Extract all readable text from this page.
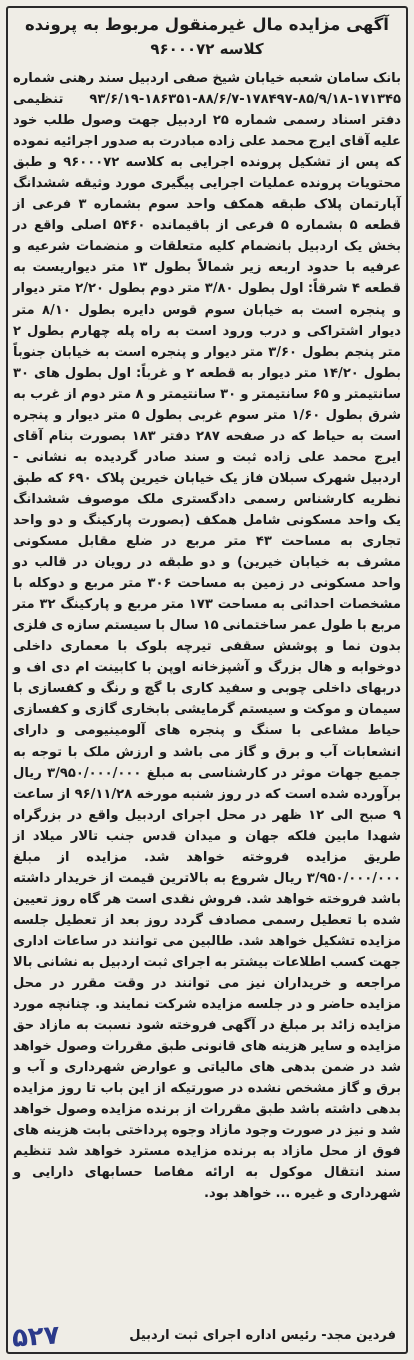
آگهی مزایده مال غیرمنقول مربوط به پرونده
کلاسه ۹۶۰۰۰۷۲
بانک سامان شعبه خیابان شیخ صفی اردبیل سند رهنی شماره ۱۷۱۳۴۵-۸۵/۹/۱۸-۱۷۸۴۹۷-۸۸/۶/۷-۱۸۶۳۵۱-۹۳/۶/۱۹ تنظیمی دفتر اسناد رسمی شماره ۲۵ اردبیل جهت وصول طلب خود علیه آقای ایرج محمد علی زاده مبادرت به صدور اجرائیه نموده که پس از تشکیل پرونده اجرایی به کلاسه ۹۶۰۰۰۷۲ و طبق محتویات پرونده عملیات اجرایی پیگیری مورد وثیقه ششدانگ آپارتمان پلاک طبقه همکف واحد سوم بشماره ۳ فرعی از قطعه ۵ بشماره ۵ فرعی از باقیمانده ۵۴۶۰ اصلی واقع در بخش یک اردبیل بانضمام کلیه متعلقات و منضمات شرعیه و عرفیه با حدود اربعه زیر شمالاً بطول ۱۳ متر دیواریست به قطعه ۴ شرقاً: اول بطول ۳/۸۰ متر دوم بطول ۲/۲۰ متر دیوار و پنجره است به خیابان سوم قوس دایره بطول ۸/۱۰ متر دیوار اشتراکی و درب ورود است به راه پله چهارم بطول ۲ متر پنجم بطول ۳/۶۰ متر دیوار و پنجره است به خیابان جنوباً بطول ۱۴/۲۰ متر دیوار به قطعه ۲ و غرباً: اول بطول های ۳۰ سانتیمتر و ۶۵ سانتیمتر و ۳۰ سانتیمتر و ۸ متر دوم از غرب به شرق بطول ۱/۶۰ متر سوم غربی بطول ۵ متر دیوار و پنجره است به حیاط که در صفحه ۲۸۷ دفتر ۱۸۳ بصورت بنام آقای ایرج محمد علی زاده ثبت و سند صادر گردیده به نشانی - اردبیل شهرک سبلان فاز یک خیابان خیرین پلاک ۶۹۰ که طبق نظریه کارشناس رسمی دادگستری ملک موصوف ششدانگ یک واحد مسکونی شامل همکف (بصورت پارکینگ و دو واحد تجاری به مساحت ۴۳ متر مربع در ضلع مقابل مسکونی مشرف به خیابان خیرین) و دو طبقه در رویان در قالب دو واحد مسکونی در زمین به مساحت ۳۰۶ متر مربع و دوکله با مشخصات احداثی به مساحت ۱۷۳ متر مربع و پارکینگ ۳۲ متر مربع با طول عمر ساختمانی ۱۵ سال با سیستم سازه ی فلزی بدون نما و پوشش سقفی تیرچه بلوک با معماری داخلی دوخوابه و هال بزرگ و آشپزخانه اوپن با کابینت ام دی اف و دربهای داخلی چوبی و سفید کاری با گچ و رنگ و کفسازی با سیمان و موکت و سیستم گرمایشی بابخاری گازی و کفسازی حیاط مشاعی با سنگ و پنجره های آلومینیومی و دارای انشعابات آب و برق و گاز می باشد و ارزش ملک با توجه به جمیع جهات موثر در کارشناسی به مبلغ ۳/۹۵۰/۰۰۰/۰۰۰ ریال برآورده شده است که در روز شنبه مورخه ۹۶/۱۱/۲۸ از ساعت ۹ صبح الی ۱۲ ظهر در محل اجرای اردبیل واقع در بزرگراه شهدا مابین فلکه جهان و میدان قدس جنب تالار میلاد از طریق مزایده فروخته خواهد شد. مزایده از مبلغ ۳/۹۵۰/۰۰۰/۰۰۰ ریال شروع به بالاترین قیمت از خریدار داشته باشد فروخته خواهد شد. فروش نقدی است هر گاه روز تعیین شده با تعطیل رسمی مصادف گردد روز بعد از تعطیل جلسه مزایده تشکیل خواهد شد. طالبین می توانند در ساعات اداری جهت کسب اطلاعات بیشتر به اجرای ثبت اردبیل به نشانی بالا مراجعه و خریداران نیز می توانند در وقت مقرر در محل مزایده حاضر و در جلسه مزایده شرکت نمایند و. چنانچه مورد مزایده زائد بر مبلغ در آگهی فروخته شود نسبت به مازاد حق مزایده و سایر هزینه های قانونی طبق مقررات وصول خواهد شد در ضمن بدهی های مالیاتی و عوارض شهرداری و آب و برق و گاز مشخص نشده در صورتیکه از این باب تا روز مزایده بدهی داشته باشد طبق مقررات از برنده مزایده وصول خواهد شد و نیز در صورت وجود مازاد وجوه پرداختی بابت هزینه های فوق از محل مازاد به برنده مزایده مسترد خواهد شد تنظیم سند انتقال موکول به ارائه مفاصا حسابهای دارایی و شهرداری و غیره ... خواهد بود.
فردین مجد- رئیس اداره اجرای ثبت اردبیل
۵۲۷
